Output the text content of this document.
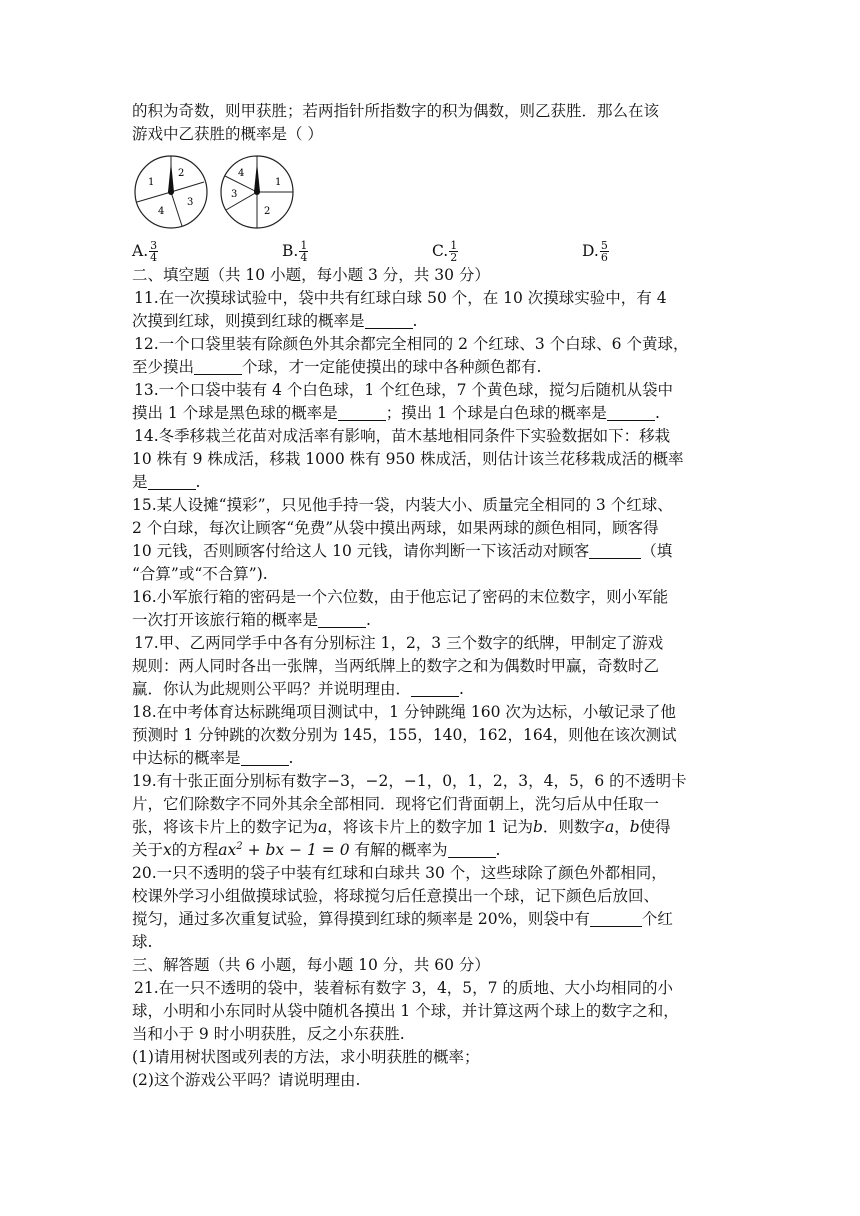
的积为奇数，则甲获胜；若两指针所指数字的积为偶数，则乙获胜．那么在该

游戏中乙获胜的概率是（ ）

1
2
3
4
4
1
2
3
A. $\frac{3}{4}$	B. $\frac{1}{4}$	C. $\frac{1}{2}$	D. $\frac{5}{6}$

二、填空题（共 10 小题，每小题 3 分，共 30 分）

11.在一次摸球试验中，袋中共有红球白球 50 个，在 10 次摸球实验中，有 4

次摸到红球，则摸到红球的概率是	.

12.一个口袋里装有除颜色外其余都完全相同的 2 个红球、3 个白球、6 个黄球，

至少摸出	个球，才一定能使摸出的球中各种颜色都有.

13.一个口袋中装有 4 个白色球，1 个红色球，7 个黄色球，搅匀后随机从袋中

摸出 1 个球是黑色球的概率是	；摸出 1 个球是白色球的概率是	.

14.冬季移栽兰花苗对成活率有影响，苗木基地相同条件下实验数据如下：移栽

10 株有 9 株成活，移栽 1000 株有 950 株成活，则估计该兰花移栽成活的概率

是	.

15.某人设摊“摸彩”，只见他手持一袋，内装大小、质量完全相同的 3 个红球、

2 个白球，每次让顾客“免费”从袋中摸出两球，如果两球的颜色相同，顾客得

10 元钱，否则顾客付给这人 10 元钱，请你判断一下该活动对顾客	（填

“合算”或“不合算”).

16.小军旅行箱的密码是一个六位数，由于他忘记了密码的末位数字，则小军能

一次打开该旅行箱的概率是	.

17.甲、乙两同学手中各有分别标注 1，2，3 三个数字的纸牌，甲制定了游戏

规则：两人同时各出一张牌，当两纸牌上的数字之和为偶数时甲赢，奇数时乙

赢．你认为此规则公平吗？并说明理由．	.

18.在中考体育达标跳绳项目测试中，1 分钟跳绳 160 次为达标，小敏记录了他

预测时 1 分钟跳的次数分别为 145，155，140，162，164，则他在该次测试

中达标的概率是	.

19.有十张正面分别标有数字−3，−2，−1，0，1，2，3，4，5，6 的不透明卡

片，它们除数字不同外其余全部相同．现将它们背面朝上，洗匀后从中任取一

张，将该卡片上的数字记为a，将该卡片上的数字加 1 记为b．则数字a，b使得

关于x的方程$ax^2$ + bx − 1 = 0 有解的概率为	.

20.一只不透明的袋子中装有红球和白球共 30 个，这些球除了颜色外都相同，

校课外学习小组做摸球试验，将球搅匀后任意摸出一个球，记下颜色后放回、

搅匀，通过多次重复试验，算得摸到红球的频率是 20%，则袋中有	个红

球.

三、解答题（共 6 小题，每小题 10 分，共 60 分）

21.在一只不透明的袋中，装着标有数字 3，4，5，7 的质地、大小均相同的小

球，小明和小东同时从袋中随机各摸出 1 个球，并计算这两个球上的数字之和，

当和小于 9 时小明获胜，反之小东获胜.

(1)请用树状图或列表的方法，求小明获胜的概率；

(2)这个游戏公平吗？请说明理由.
